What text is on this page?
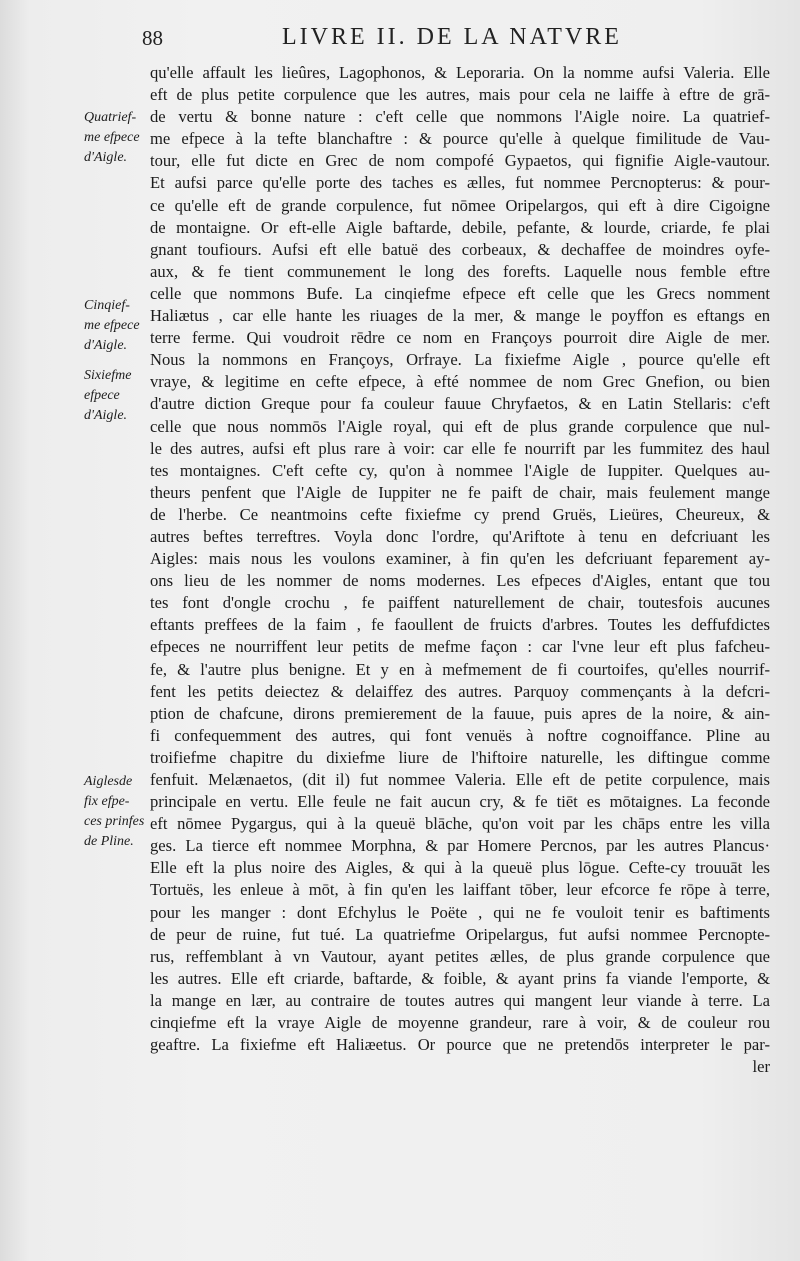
88	LIVRE II. DE LA NATVRE
Quatrief-
me efpece
d'Aigle.
Cinqief-
me efpece
d'Aigle.
Sixiefme
efpece
d'Aigle.
Aiglesde
fix efpe-
ces prinfes
de Pline.
qu'elle affault les lieûres, Lagophonos, & Leporaria. On la nomme aufsi Valeria. Elle
eft de plus petite corpulence que les autres, mais pour cela ne laiffe à eftre de grā-
de vertu & bonne nature : c'eft celle que nommons l'Aigle noire. La quatrief-
me efpece à la tefte blanchaftre : & pource qu'elle à quelque fimilitude de Vau-
tour, elle fut dicte en Grec de nom compofé Gypaetos, qui fignifie Aigle-vautour.
Et aufsi parce qu'elle porte des taches es ælles, fut nommee Percnopterus: & pour-
ce qu'elle eft de grande corpulence, fut nōmee Oripelargos, qui eft à dire Cigoigne
de montaigne. Or eft-elle Aigle baftarde, debile, pefante, & lourde, criarde, fe plai
gnant toufiours. Aufsi eft elle batuë des corbeaux, & dechaffee de moindres oyfe-
aux, & fe tient communement le long des forefts. Laquelle nous femble eftre
celle que nommons Bufe. La cinqiefme efpece eft celle que les Grecs nomment
Haliætus , car elle hante les riuages de la mer, & mange le poyffon es eftangs en
terre ferme. Qui voudroit rēdre ce nom en Françoys pourroit dire Aigle de mer.
Nous la nommons en Françoys, Orfraye. La fixiefme Aigle , pource qu'elle eft
vraye, & legitime en cefte efpece, à efté nommee de nom Grec Gnefion, ou bien
d'autre diction Greque pour fa couleur fauue Chryfaetos, & en Latin Stellaris: c'eft
celle que nous nommōs l'Aigle royal, qui eft de plus grande corpulence que nul-
le des autres, aufsi eft plus rare à voir: car elle fe nourrift par les fummitez des haul
tes montaignes. C'eft cefte cy, qu'on à nommee l'Aigle de Iuppiter. Quelques au-
theurs penfent que l'Aigle de Iuppiter ne fe paift de chair, mais feulement mange
de l'herbe. Ce neantmoins cefte fixiefme cy prend Gruës, Lieüres, Cheureux, &
autres beftes terreftres. Voyla donc l'ordre, qu'Ariftote à tenu en defcriuant les
Aigles: mais nous les voulons examiner, à fin qu'en les defcriuant feparement ay-
ons lieu de les nommer de noms modernes. Les efpeces d'Aigles, entant que tou
tes font d'ongle crochu , fe paiffent naturellement de chair, toutesfois aucunes
eftants preffees de la faim , fe faoullent de fruicts d'arbres. Toutes les deffufdictes
efpeces ne nourriffent leur petits de mefme façon : car l'vne leur eft plus fafcheu-
fe, & l'autre plus benigne. Et y en à mefmement de fi courtoifes, qu'elles nourrif-
fent les petits deiectez & delaiffez des autres. Parquoy commençants à la defcri-
ption de chafcune, dirons premierement de la fauue, puis apres de la noire, & ain-
fi confequemment des autres, qui font venuës à noftre cognoiffance. Pline au
troifiefme chapitre du dixiefme liure de l'hiftoire naturelle, les diftingue comme
fenfuit. Melænaetos, (dit il) fut nommee Valeria. Elle eft de petite corpulence, mais
principale en vertu. Elle feule ne fait aucun cry, & fe tiēt es mōtaignes. La feconde
eft nōmee Pygargus, qui à la queuë blāche, qu'on voit par les chāps entre les villa
ges. La tierce eft nommee Morphna, & par Homere Percnos, par les autres Plancus·
Elle eft la plus noire des Aigles, & qui à la queuë plus lōgue. Cefte-cy trouuāt les
Tortuës, les enleue à mōt, à fin qu'en les laiffant tōber, leur efcorce fe rōpe à terre,
pour les manger : dont Efchylus le Poëte , qui ne fe vouloit tenir es baftiments
de peur de ruine, fut tué. La quatriefme Oripelargus, fut aufsi nommee Percnopte-
rus, reffemblant à vn Vautour, ayant petites ælles, de plus grande corpulence que
les autres. Elle eft criarde, baftarde, & foible, & ayant prins fa viande l'emporte, &
la mange en lær, au contraire de toutes autres qui mangent leur viande à terre. La
cinqiefme eft la vraye Aigle de moyenne grandeur, rare à voir, & de couleur rou
geaftre. La fixiefme eft Haliæetus. Or pource que ne pretendōs interpreter le par-
ler
